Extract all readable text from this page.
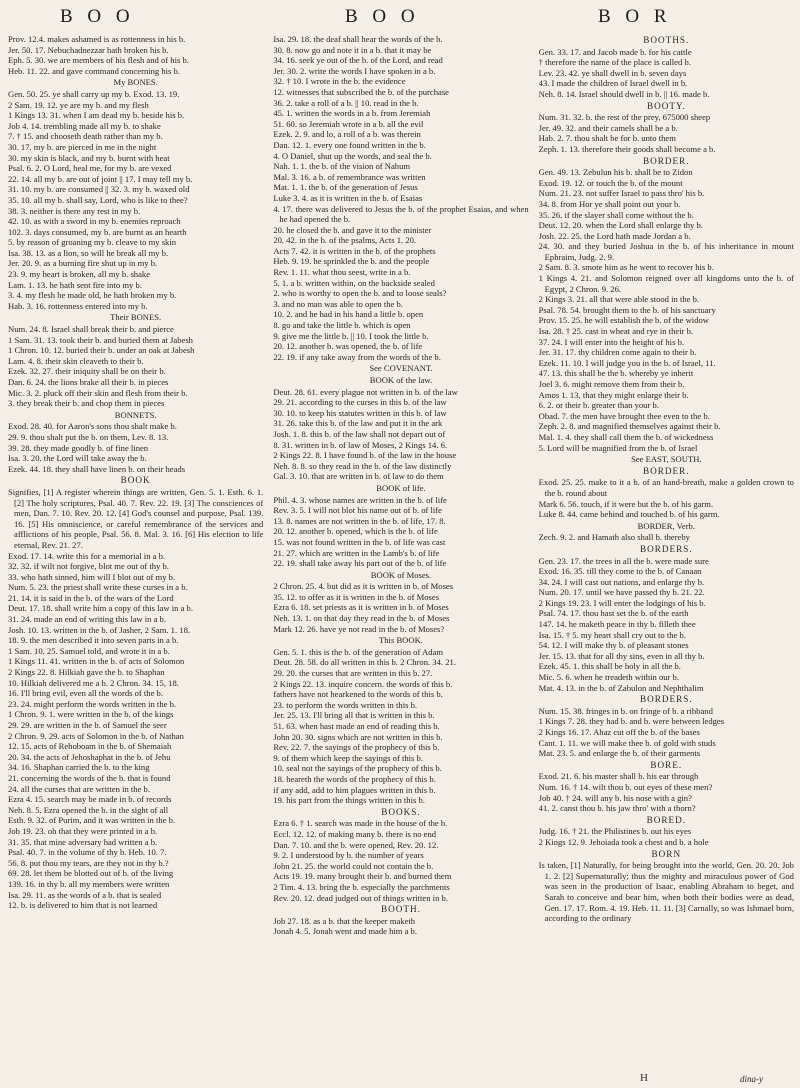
B O O	B O O	B O R

Prov. 12.4. makes ashamed is as rottenness in his b.

Jer. 50. 17. Nebuchadnezzar hath broken his b.

Eph. 5. 30. we are members of his flesh and of his b.

Heb. 11. 22. and gave command concerning his b.

My BONES.

Gen. 50. 25. ye shall carry up my b. Exod. 13. 19.

2 Sam. 19. 12. ye are my b. and my flesh

1 Kings 13. 31. when I am dead my b. beside his b.

Job 4. 14. trembling made all my b. to shake

7. † 15. and chooseth death rather than my b.

30. 17. my b. are pierced in me in the night

30. my skin is black, and my b. burnt with heat

Psal. 6. 2. O Lord, heal me, for my b. are vexed

22. 14. all my b. are out of joint || 17. I may tell my b.

31. 10. my b. are consumed || 32. 3. my b. waxed old

35. 10. all my b. shall say, Lord, who is like to thee?

38. 3. neither is there any rest in my b.

42. 10. as with a sword in my b. enemies reproach

102. 3. days consumed, my b. are burnt as an hearth

5. by reason of groaning my b. cleave to my skin

Isa. 38. 13. as a lion, so will he break all my b.

Jer. 20. 9. as a burning fire shut up in my b.

23. 9. my heart is broken, all my b. shake

Lam. 1. 13. he hath sent fire into my b.

3. 4. my flesh he made old, he hath broken my b.

Hab. 3. 16. rottenness entered into my b.

Their BONES.

Num. 24. 8. Israel shall break their b. and pierce

1 Sam. 31. 13. took their b. and buried them at Jabesh

1 Chron. 10. 12. buried their b. under an oak at Jabesh

Lam. 4. 8. their skin cleaveth to their b.

Ezek. 32. 27. their iniquity shall be on their b.

Dan. 6. 24. the lions brake all their b. in pieces

Mic. 3. 2. pluck off their skin and flesh from their b.

3. they break their b. and chop them in pieces

BONNETS.

Exod. 28. 40. for Aaron's sons thou shalt make b.

29. 9. thou shalt put the b. on them, Lev. 8. 13.

39. 28. they made goodly b. of fine linen

Isa. 3. 20. the Lord will take away the b.

Ezek. 44. 18. they shall have linen b. on their heads

BOOK

Signifies, [1] A register wherein things are written, Gen. 5. 1. Esth. 6. 1. [2] The holy scriptures, Psal. 40. 7. Rev. 22. 19. [3] The consciences of men, Dan. 7. 10. Rev. 20. 12. [4] God's counsel and purpose, Psal. 139. 16. [5] His omniscience, or careful remembrance of the services and afflictions of his people, Psal. 56. 8. Mal. 3. 16. [6] His election to life eternal, Rev. 21. 27.

Exod. 17. 14. write this for a memorial in a b.

32. 32. if wilt not forgive, blot me out of thy b.

33. who hath sinned, him will I blot out of my b.

Num. 5. 23. the priest shall write these curses in a b.

21. 14. it is said in the b. of the wars of the Lord

Deut. 17. 18. shall write him a copy of this law in a b.

31. 24. made an end of writing this law in a b.

Josh. 10. 13. written in the b. of Jasher, 2 Sam. 1. 18.

18. 9. the men described it into seven parts in a b.

1 Sam. 10. 25. Samuel told, and wrote it in a b.

1 Kings 11. 41. written in the b. of acts of Solomon

2 Kings 22. 8. Hilkiah gave the b. to Shaphan

10. Hilkiah delivered me a b. 2 Chron. 34. 15, 18.

16. I'll bring evil, even all the words of the b.

23. 24. might perform the words written in the b.

1 Chron. 9. 1. were written in the b. of the kings

29. 29. are written in the b. of Samuel the seer

2 Chron. 9. 29. acts of Solomon in the b. of Nathan

12. 15. acts of Rehoboam in the b. of Shemaiah

20. 34. the acts of Jehoshaphat in the b. of Jehu

34. 16. Shaphan carried the b. to the king

21. concerning the words of the b. that is found

24. all the curses that are written in the b.

Ezra 4. 15. search may be made in b. of records

Neh. 8. 5. Ezra opened the b. in the sight of all

Esth. 9. 32. of Purim, and it was written in the b.

Job 19. 23. oh that they were printed in a b.

31. 35. that mine adversary had written a b.

Psal. 40. 7. in the volume of thy b. Heb. 10. 7.

56. 8. put thou my tears, are they not in thy b.?

69. 28. let them be blotted out of b. of the living

139. 16. in thy b. all my members were written

Isa. 29. 11. as the words of a b. that is sealed

12. b. is delivered to him that is not learned

Isa. 29. 18. the deaf shall hear the words of the b.

30. 8. now go and note it in a b. that it may be

34. 16. seek ye out of the b. of the Lord, and read

Jer. 30. 2. write the words I have spoken in a b.

32. † 10. I wrote in the b. the evidence

12. witnesses that subscribed the b. of the purchase

36. 2. take a roll of a b. || 10. read in the b.

45. 1. written the words in a b. from Jeremiah

51. 60. so Jeremiah wrote in a b. all the evil

Ezek. 2. 9. and lo, a roll of a b. was therein

Dan. 12. 1. every one found written in the b.

4. O Daniel, shut up the words, and seal the b.

Nah. 1. 1. the b. of the vision of Nahum

Mal. 3. 16. a b. of remembrance was written

Mat. 1. 1. the b. of the generation of Jesus

Luke 3. 4. as it is written in the b. of Esaias

4. 17. there was delivered to Jesus the b. of the prophet Esaias, and when he had opened the b.

20. he closed the b. and gave it to the minister

20. 42. in the b. of the psalms, Acts 1. 20.

Acts 7. 42. it is written in the b. of the prophets

Heb. 9. 19. he sprinkled the b. and the people

Rev. 1. 11. what thou seest, write in a b.

5. 1. a b. written within, on the backside sealed

2. who is worthy to open the b. and to loose seals?

3. and no man was able to open the b.

10. 2. and he had in his hand a little b. open

8. go and take the little b. which is open

9. give me the little b. || 10. I took the little b.

20. 12. another b. was opened, the b. of life

22. 19. if any take away from the words of the b.

See COVENANT.

BOOK of the law.

Deut. 28. 61. every plague not written in b. of the law

29. 21. according to the curses in this b. of the law

30. 10. to keep his statutes written in this b. of law

31. 26. take this b. of the law and put it in the ark

Josh. 1. 8. this b. of the law shall not depart out of

8. 31. written in b. of law of Moses, 2 Kings 14. 6.

2 Kings 22. 8. I have found b. of the law in the house

Neh. 8. 8. so they read in the b. of the law distinctly

Gal. 3. 10. that are written in b. of law to do them

BOOK of life.

Phil. 4. 3. whose names are written in the b. of life

Rev. 3. 5. I will not blot his name out of b. of life

13. 8. names are not written in the b. of life, 17. 8.

20. 12. another b. opened, which is the b. of life

15. was not found written in the b. of life was cast

21. 27. which are written in the Lamb's b. of life

22. 19. shall take away his part out of the b. of life

BOOK of Moses.

2 Chron. 25. 4. but did as it is written in b. of Moses

35. 12. to offer as it is written in the b. of Moses

Ezra 6. 18. set priests as it is written in b. of Moses

Neh. 13. 1. on that day they read in the b. of Moses

Mark 12. 26. have ye not read in the b. of Moses?

This BOOK.

Gen. 5. 1. this is the b. of the generation of Adam

Deut. 28. 58. do all written in this b. 2 Chron. 34. 21.

29. 20. the curses that are written in this b. 27.

2 Kings 22. 13. inquire concern. the words of this b.

fathers have not hearkened to the words of this b.

23. to perform the words written in this b.

Jer. 25. 13. I'll bring all that is written in this b.

51. 63. when hast made an end of reading this b.

John 20. 30. signs which are not written in this b.

Rev. 22. 7. the sayings of the prophecy of this b.

9. of them which keep the sayings of this b.

10. seal not the sayings of the prophecy of this b.

18. heareth the words of the prophecy of this b.

if any add, add to him plagues written in this b.

19. his part from the things written in this b.

BOOKS.

Ezra 6. † 1. search was made in the house of the b.

Eccl. 12. 12. of making many b. there is no end

Dan. 7. 10. and the b. were opened, Rev. 20. 12.

9. 2. I understood by b. the number of years

John 21. 25. the world could not contain the b.

Acts 19. 19. many brought their b. and burned them

2 Tim. 4. 13. bring the b. especially the parchments

Rev. 20. 12. dead judged out of things written in b.

BOOTH.

Job 27. 18. as a b. that the keeper maketh

Jonah 4. 5. Jonah went and made him a b.

BOOTHS.

Gen. 33. 17. and Jacob made b. for his cattle

† therefore the name of the place is called b.

Lev. 23. 42. ye shall dwell in b. seven days

43. I made the children of Israel dwell in b.

Neh. 8. 14. Israel should dwell in b. || 16. made b.

BOOTY.

Num. 31. 32. b. the rest of the prey, 675000 sheep

Jer. 49. 32. and their camels shall be a b.

Hab. 2. 7. thou shalt be for b. unto them

Zeph. 1. 13. therefore their goods shall become a b.

BORDER.

Gen. 49. 13. Zebulun his b. shall be to Zidon

Exod. 19. 12. or touch the b. of the mount

Num. 21. 23. not suffer Israel to pass thro' his b.

34. 8. from Hor ye shall point out your b.

35. 26. if the slayer shall come without the b.

Deut. 12. 20. when the Lord shall enlarge thy b.

Josh. 22. 25. the Lord hath made Jordan a b.

24. 30. and they buried Joshua in the b. of his inheritance in mount Ephraim, Judg. 2. 9.

2 Sam. 8. 3. smote him as he went to recover his b.

1 Kings 4. 21. and Solomon reigned over all kingdoms unto the b. of Egypt, 2 Chron. 9. 26.

2 Kings 3. 21. all that were able stood in the b.

Psal. 78. 54. brought them to the b. of his sanctuary

Prov. 15. 25. he will establish the b. of the widow

Isa. 28. † 25. cast in wheat and rye in their b.

37. 24. I will enter into the height of his b.

Jer. 31. 17. thy children come again to their b.

Ezek. 11. 10. I will judge you in the b. of Israel, 11.

47. 13. this shall be the b. whereby ye inherit

Joel 3. 6. might remove them from their b.

Amos 1. 13. that they might enlarge their b.

6. 2. or their b. greater than your b.

Obad. 7. the men have brought thee even to the b.

Zeph. 2. 8. and magnified themselves against their b.

Mal. 1. 4. they shall call them the b. of wickedness

5. Lord will be magnified from the b. of Israel

See EAST, SOUTH.

BORDER.

Exod. 25. 25. make to it a b. of an hand-breath, make a golden crown to the b. round about

Mark 6. 56. touch, if it were but the b. of his garm.

Luke 8. 44. came behind and touched b. of his garm.

BORDER, Verb.

Zech. 9. 2. and Hamath also shall b. thereby

BORDERS.

Gen. 23. 17. the trees in all the b. were made sure

Exod. 16. 35. till they come to the b. of Canaan

34. 24. I will cast out nations, and enlarge thy b.

Num. 20. 17. until we have passed thy b. 21. 22.

2 Kings 19. 23. I will enter the lodgings of his b.

Psal. 74. 17. thou hast set the b. of the earth

147. 14. he maketh peace in thy b. filleth thee

Isa. 15. † 5. my heart shall cry out to the b.

54. 12. I will make thy b. of pleasant stones

Jer. 15. 13. that for all thy sins, even in all thy b.

Ezek. 45. 1. this shall be holy in all the b.

Mic. 5. 6. when he treadeth within our b.

Mat. 4. 13. in the b. of Zabulon and Nephthalim

BORDERS.

Num. 15. 38. fringes in b. on fringe of b. a ribband

1 Kings 7. 28. they had b. and b. were between ledges

2 Kings 16. 17. Ahaz cut off the b. of the bases

Cant. 1. 11. we will make thee b. of gold with studs

Mat. 23. 5. and enlarge the b. of their garments

BORE.

Exod. 21. 6. his master shall b. his ear through

Num. 16. † 14. wilt thou b. out eyes of these men?

Job 40. † 24. will any b. his nose with a gin?

41. 2. canst thou b. his jaw thro' with a thorn?

BORED.

Judg. 16. † 21. the Philistines b. out his eyes

2 Kings 12. 9. Jehoiada took a chest and b. a hole

BORN

Is taken, [1] Naturally, for being brought into the world, Gen. 20. 20. Job 1. 2. [2] Supernaturally; thus the mighty and miraculous power of God was seen in the production of Isaac, enabling Abraham to beget, and Sarah to conceive and bear him, when both their bodies were as dead, Gen. 17. 17. Rom. 4. 19. Heb. 11. 11. [3] Carnally, so was Ishmael born, according to the ordinary

H	dina-y
